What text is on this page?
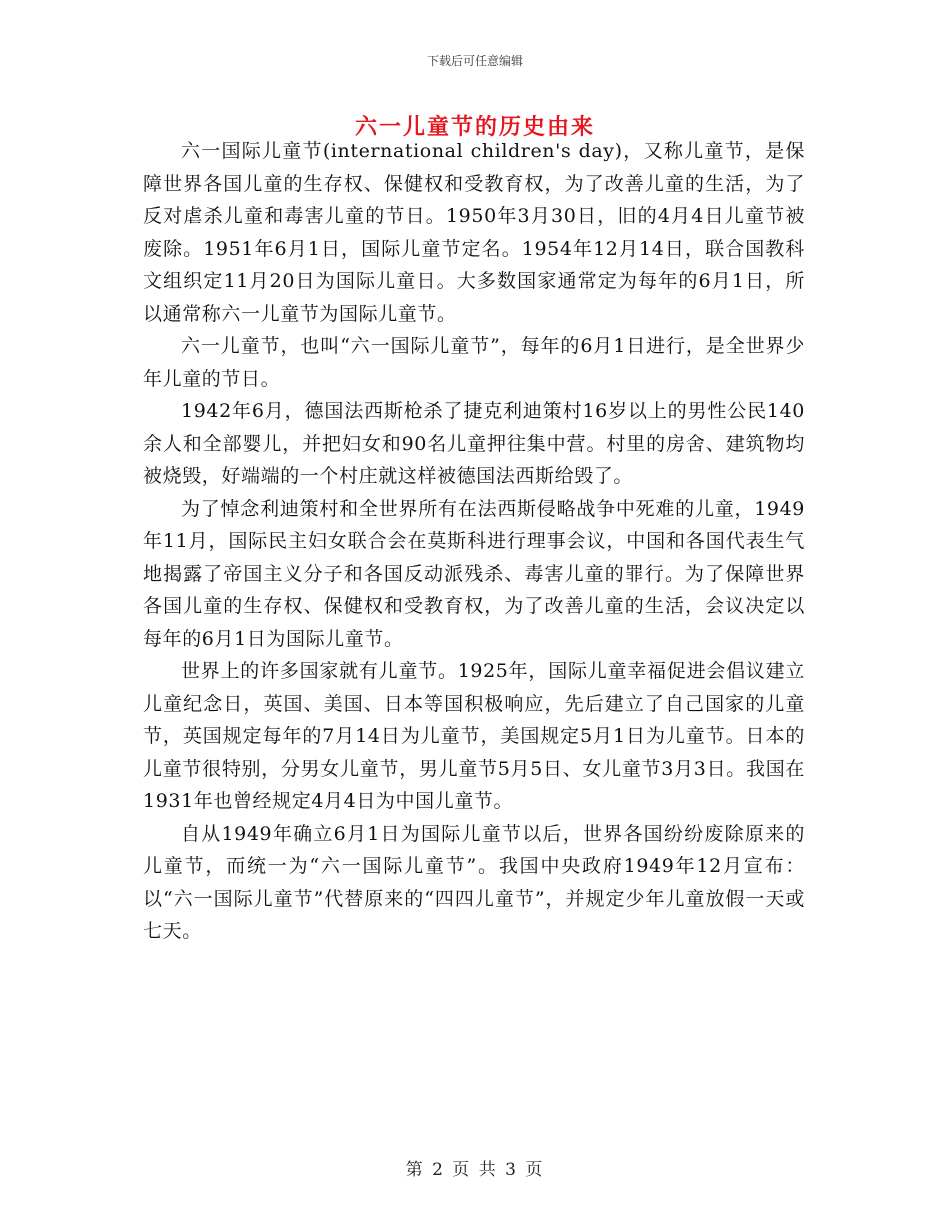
下载后可任意编辑
六一儿童节的历史由来

六一国际儿童节(international children's day)，又称儿童节，是保障世界各国儿童的生存权、保健权和受教育权，为了改善儿童的生活，为了反对虐杀儿童和毒害儿童的节日。1950年3月30日，旧的4月4日儿童节被废除。1951年6月1日，国际儿童节定名。1954年12月14日，联合国教科文组织定11月20日为国际儿童日。大多数国家通常定为每年的6月1日，所以通常称六一儿童节为国际儿童节。

六一儿童节，也叫“六一国际儿童节”，每年的6月1日进行，是全世界少年儿童的节日。

1942年6月，德国法西斯枪杀了捷克利迪策村16岁以上的男性公民140余人和全部婴儿，并把妇女和90名儿童押往集中营。村里的房舍、建筑物均被烧毁，好端端的一个村庄就这样被德国法西斯给毁了。

为了悼念利迪策村和全世界所有在法西斯侵略战争中死难的儿童，1949年11月，国际民主妇女联合会在莫斯科进行理事会议，中国和各国代表生气地揭露了帝国主义分子和各国反动派残杀、毒害儿童的罪行。为了保障世界各国儿童的生存权、保健权和受教育权，为了改善儿童的生活，会议决定以每年的6月1日为国际儿童节。

世界上的许多国家就有儿童节。1925年，国际儿童幸福促进会倡议建立儿童纪念日，英国、美国、日本等国积极响应，先后建立了自己国家的儿童节，英国规定每年的7月14日为儿童节，美国规定5月1日为儿童节。日本的儿童节很特别，分男女儿童节，男儿童节5月5日、女儿童节3月3日。我国在1931年也曾经规定4月4日为中国儿童节。

自从1949年确立6月1日为国际儿童节以后，世界各国纷纷废除原来的儿童节，而统一为“六一国际儿童节”。我国中央政府1949年12月宣布：以“六一国际儿童节”代替原来的“四四儿童节”，并规定少年儿童放假一天或七天。

第 2 页 共 3 页
